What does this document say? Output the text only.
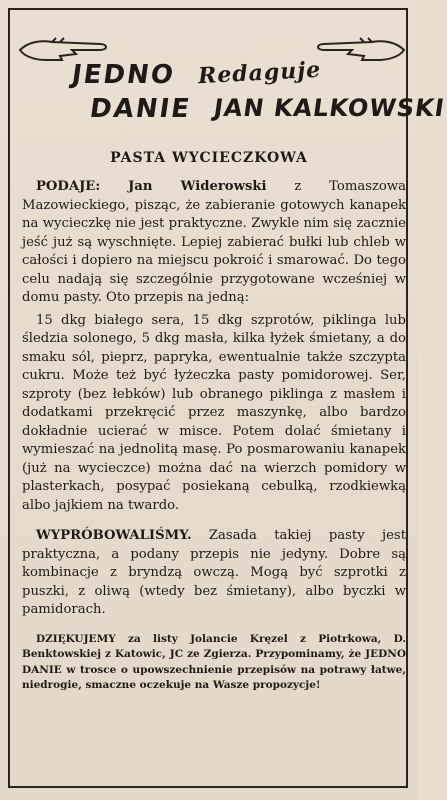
JEDNO Redaguje
DANIE JAN KALKOWSKI
PASTA WYCIECZKOWA

PODAJE: Jan Widerowski z Tomaszowa Mazowieckiego, pisząc, że zabieranie gotowych kanapek na wycieczkę nie jest praktyczne. Zwykle nim się zacznie jeść już są wyschnięte. Lepiej zabierać bułki lub chleb w całości i dopiero na miejscu pokroić i smarować. Do tego celu nadają się szczególnie przygotowane wcześniej w domu pasty. Oto przepis na jedną:

15 dkg białego sera, 15 dkg szprotów, piklinga lub śledzia solonego, 5 dkg masła, kilka łyżek śmietany, a do smaku sól, pieprz, papryka, ewentualnie także szczypta cukru. Może też być łyżeczka pasty pomidorowej. Ser, szproty (bez łebków) lub obranego piklinga z masłem i dodatkami przekręcić przez maszynkę, albo bardzo dokładnie ucierać w misce. Potem dolać śmietany i wymieszać na jednolitą masę. Po posmarowaniu kanapek (już na wycieczce) można dać na wierzch pomidory w plasterkach, posypać posiekaną cebulką, rzodkiewką albo jajkiem na twardo.

WYPRÓBOWALIŚMY. Zasada takiej pasty jest praktyczna, a podany przepis nie jedyny. Dobre są kombinacje z bryndzą owczą. Mogą być szprotki z puszki, z oliwą (wtedy bez śmietany), albo byczki w pamidorach.

DZIĘKUJEMY za listy Jolancie Kręzel z Piotrkowa, D. Benktowskiej z Katowic, JC ze Zgierza. Przypominamy, że JEDNO DANIE w trosce o upowszechnienie przepisów na potrawy łatwe, niedrogie, smaczne oczekuje na Wasze propozycje!
